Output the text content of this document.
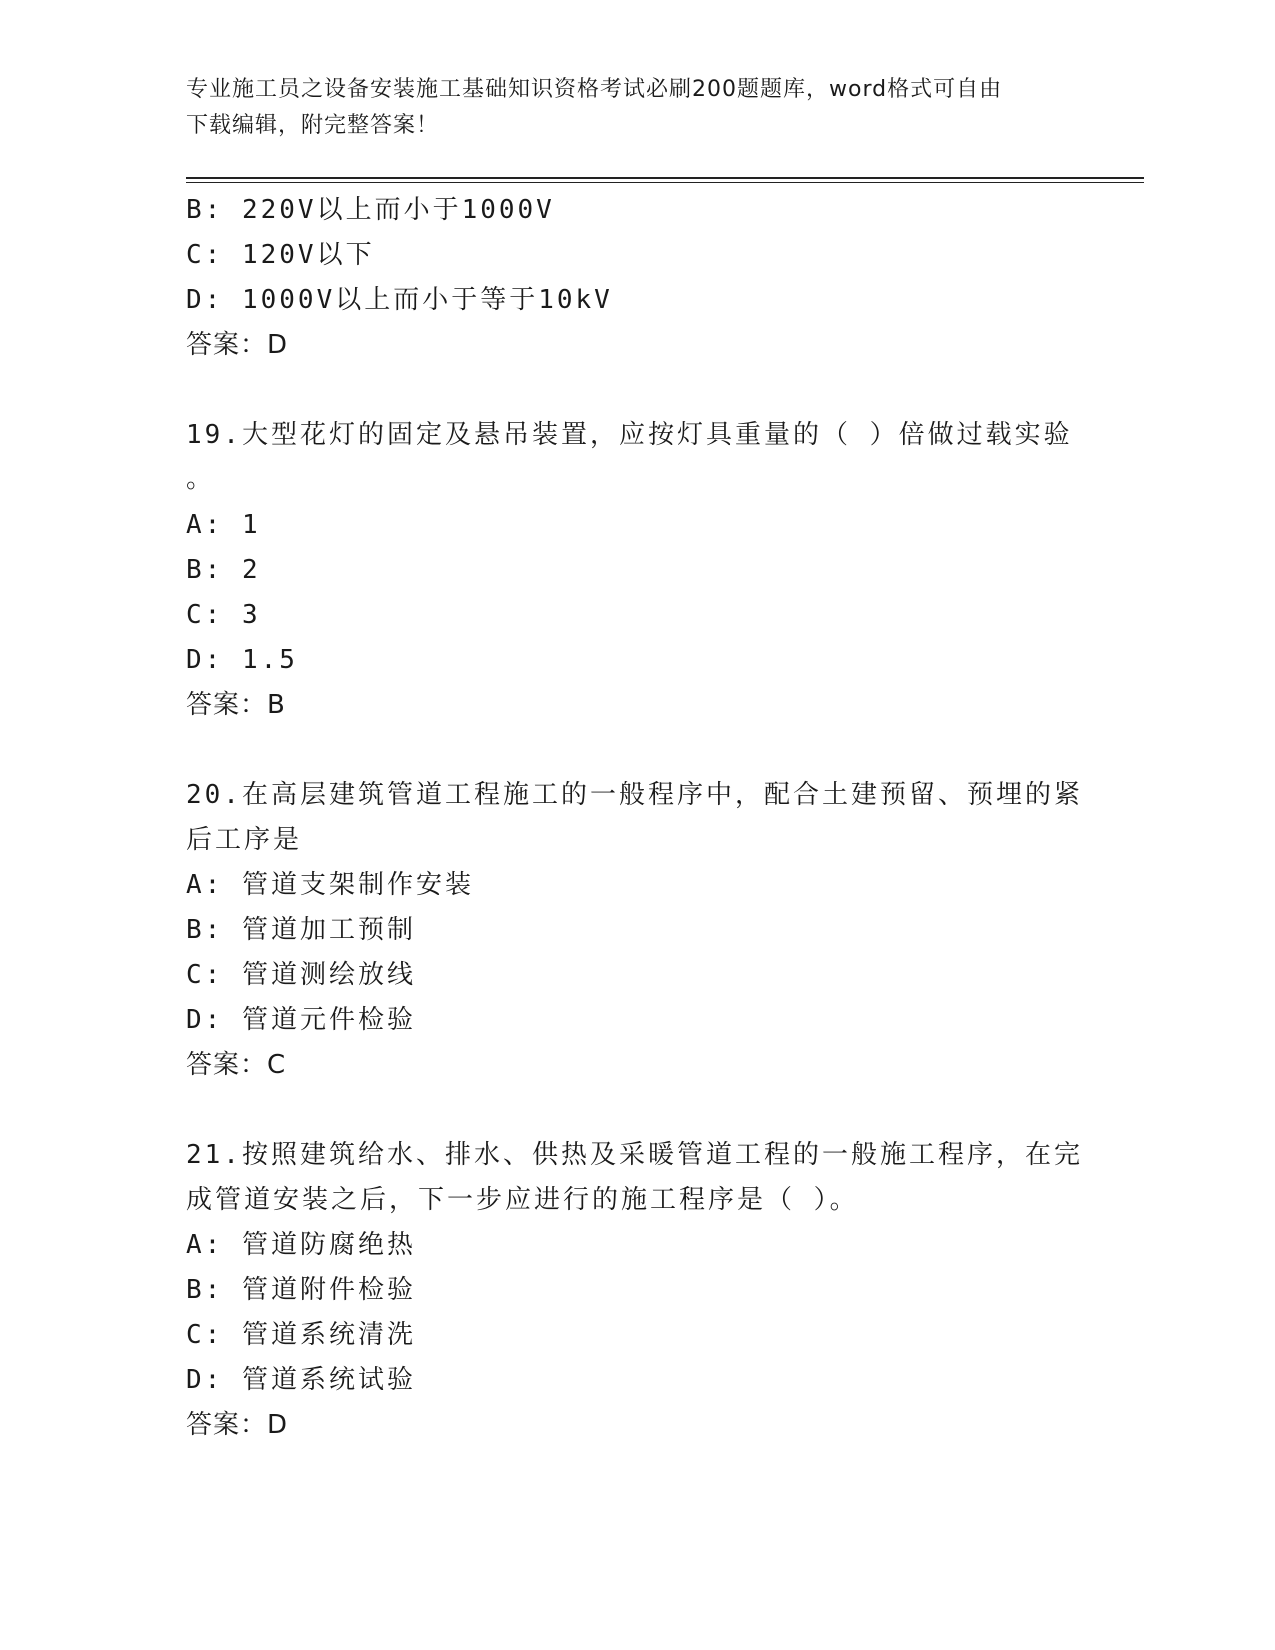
专业施工员之设备安装施工基础知识资格考试必刷200题题库，word格式可自由
下载编辑，附完整答案！
B: 220V以上而小于1000V
C: 120V以下
D: 1000V以上而小于等于10kV
答案：D
19.大型花灯的固定及悬吊装置，应按灯具重量的（ ）倍做过载实验
。
A: 1
B: 2
C: 3
D: 1.5
答案：B
20.在高层建筑管道工程施工的一般程序中，配合土建预留、预埋的紧
后工序是
A: 管道支架制作安装
B: 管道加工预制
C: 管道测绘放线
D: 管道元件检验
答案：C
21.按照建筑给水、排水、供热及采暖管道工程的一般施工程序，在完
成管道安装之后，下一步应进行的施工程序是（ ）。
A: 管道防腐绝热
B: 管道附件检验
C: 管道系统清洗
D: 管道系统试验
答案：D
